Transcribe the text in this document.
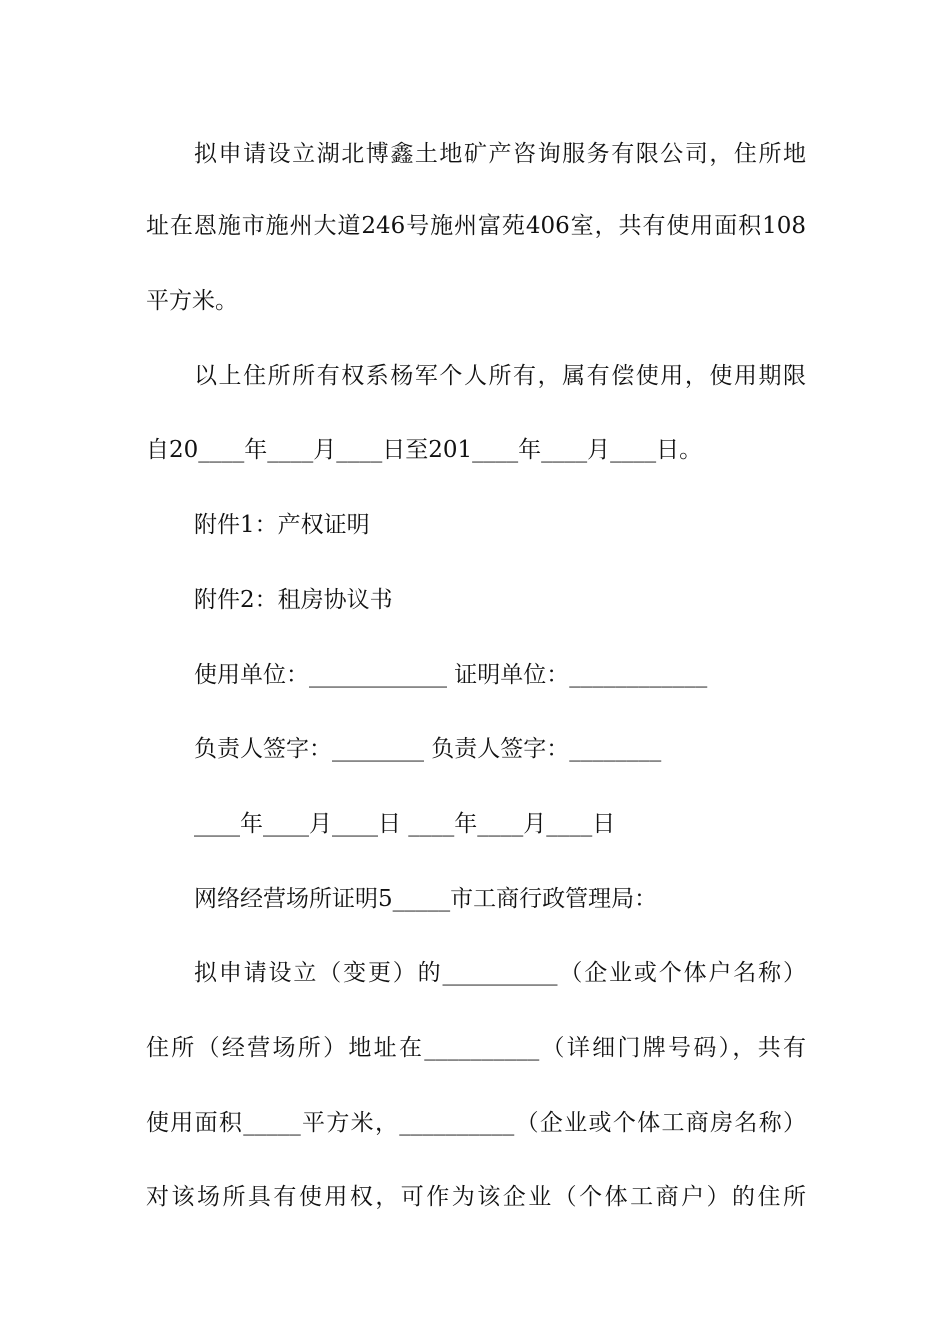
拟申请设立湖北博鑫土地矿产咨询服务有限公司，住所地
址在恩施市施州大道246号施州富苑406室，共有使用面积108
平方米。
以上住所所有权系杨军个人所有，属有偿使用，使用期限
自20____年____月____日至201____年____月____日。
附件1：产权证明
附件2：租房协议书
使用单位：____________ 证明单位：____________
负责人签字：________ 负责人签字：________
____年____月____日 ____年____月____日
网络经营场所证明5_____市工商行政管理局：
拟申请设立（变更）的__________（企业或个体户名称）
住所（经营场所）地址在__________（详细门牌号码），共有
使用面积_____平方米，__________（企业或个体工商房名称）
对该场所具有使用权，可作为该企业（个体工商户）的住所
